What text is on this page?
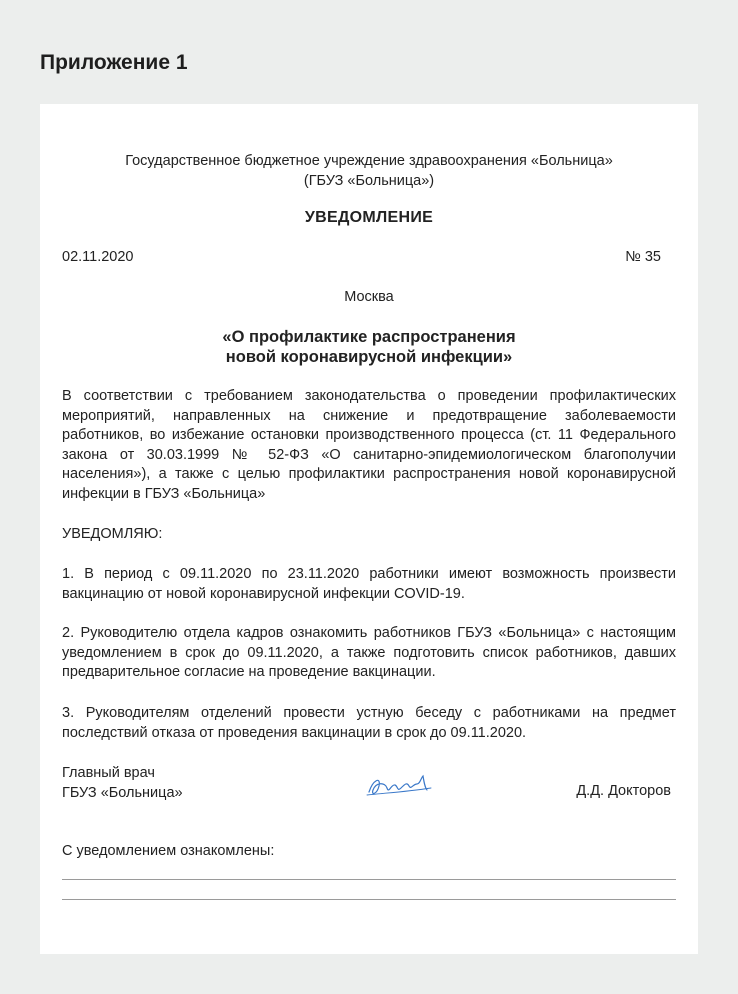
Приложение 1
Государственное бюджетное учреждение здравоохранения «Больница»
(ГБУЗ «Больница»)
УВЕДОМЛЕНИЕ
02.11.2020	№ 35
Москва
«О профилактике распространения
новой коронавирусной инфекции»
В соответствии с требованием законодательства о проведении профилактических мероприятий, направленных на снижение и предотвращение заболеваемости работников, во избежание остановки производственного процесса (ст. 11 Федерального закона от 30.03.1999 № 52-ФЗ «О санитарно-эпидемиологическом благополучии населения»), а также с целью профилактики распространения новой коронавирусной инфекции в ГБУЗ «Больница»
УВЕДОМЛЯЮ:
1. В период с 09.11.2020 по 23.11.2020 работники имеют возможность произвести вакцинацию от новой коронавирусной инфекции COVID-19.
2. Руководителю отдела кадров ознакомить работников ГБУЗ «Больница» с настоящим уведомлением в срок до 09.11.2020, а также подготовить список работников, давших предварительное согласие на проведение вакцинации.
3. Руководителям отделений провести устную беседу с работниками на предмет последствий отказа от проведения вакцинации в срок до 09.11.2020.
Главный врач
ГБУЗ «Больница»	Д.Д. Докторов
С уведомлением ознакомлены:
